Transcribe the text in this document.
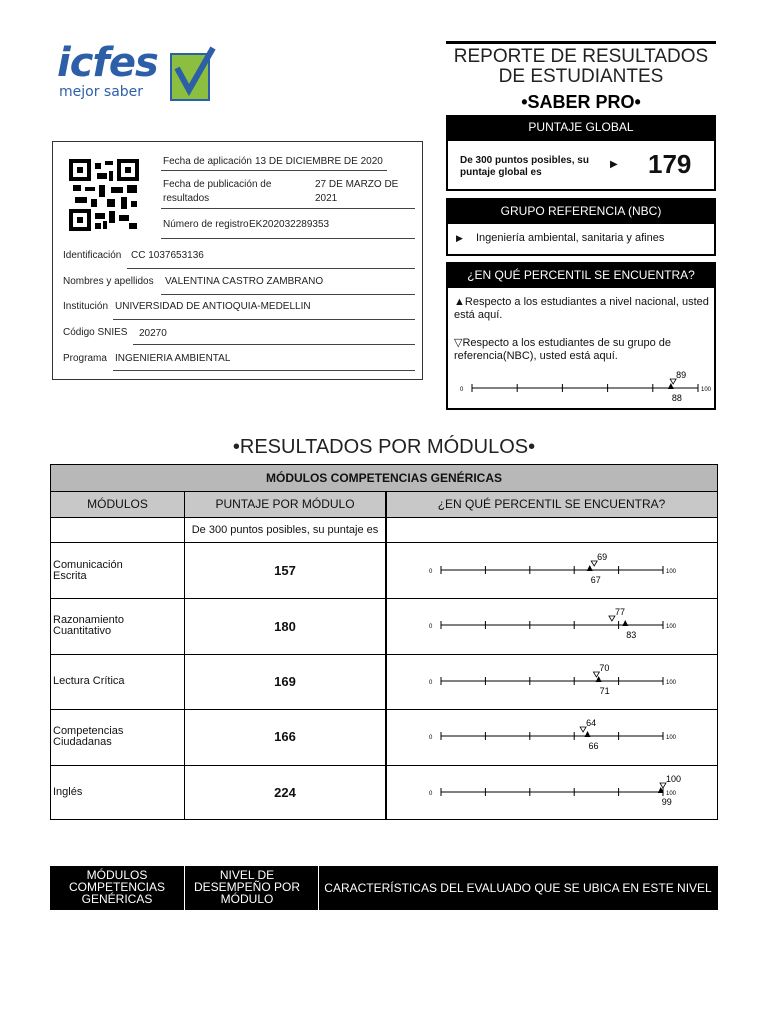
icfes
mejor saber
REPORTE DE RESULTADOS DE ESTUDIANTES
•SABER PRO•
PUNTAJE GLOBAL
De 300 puntos posibles, su puntaje global es
▶ 179
GRUPO REFERENCIA (NBC)
▶ Ingeniería ambiental, sanitaria y afines
¿EN QUÉ PERCENTIL SE ENCUENTRA?
▲Respecto a los estudiantes a nivel nacional, usted está aquí.
▽Respecto a los estudiantes de su grupo de referencia(NBC), usted está aquí.
0	100
89
88
Fecha de aplicación 13 DE DICIEMBRE DE 2020
Fecha de publicación de resultados
27 DE MARZO DE 2021
Número de registro EK202032289353
Identificación CC 1037653136
Nombres y apellidos VALENTINA CASTRO ZAMBRANO
Institución UNIVERSIDAD DE ANTIOQUIA-MEDELLIN
Código SNIES 20270
Programa INGENIERIA AMBIENTAL
•RESULTADOS POR MÓDULOS•
MÓDULOS COMPETENCIAS GENÉRICAS
MÓDULOS	PUNTAJE POR MÓDULO	¿EN QUÉ PERCENTIL SE ENCUENTRA?
De 300 puntos posibles, su puntaje es
Comunicación Escrita	157	0	100
69
67
Razonamiento Cuantitativo	180	0	100
77
83
Lectura Crítica	169	0	100
70
71
Competencias Ciudadanas	166	0	100
64
66
Inglés	224	0	100
100
99
MÓDULOS COMPETENCIAS GENÉRICAS
NIVEL DE DESEMPEÑO POR MÓDULO
CARACTERÍSTICAS DEL EVALUADO QUE SE UBICA EN ESTE NIVEL
